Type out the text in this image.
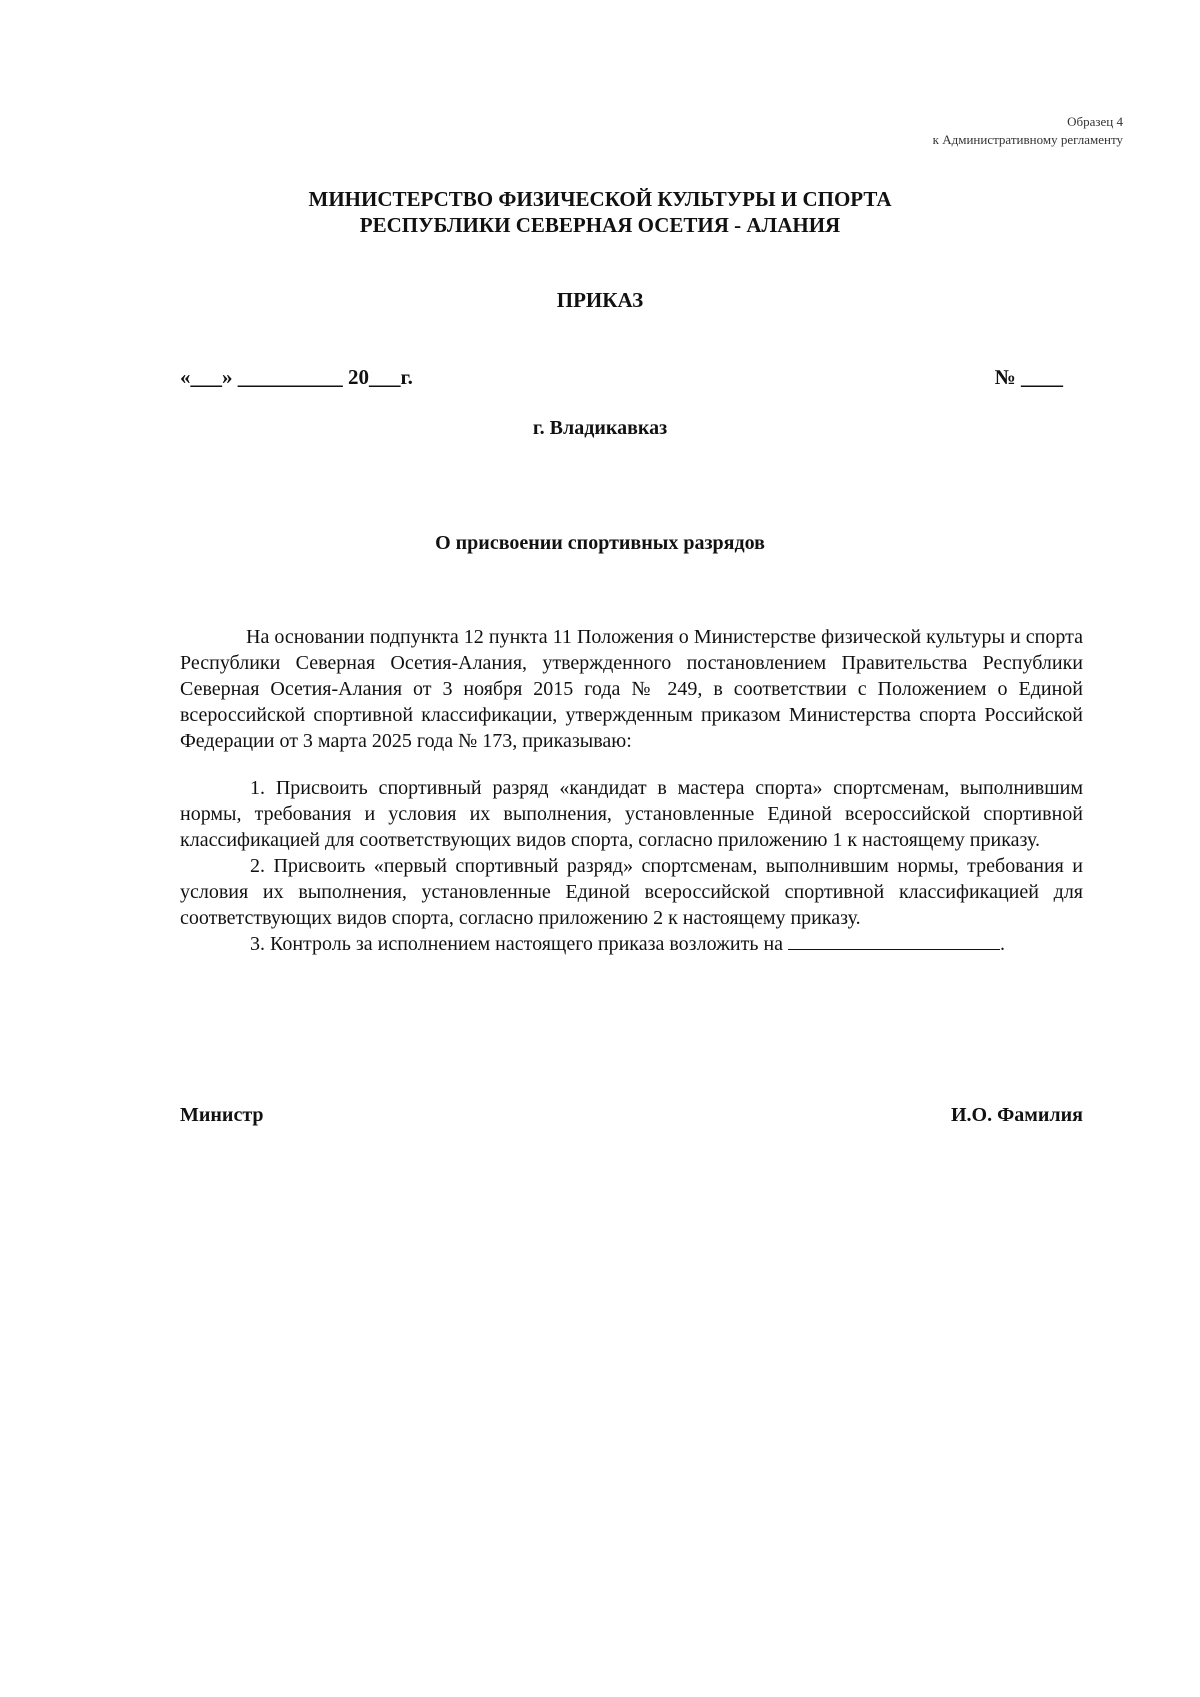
Образец 4
к Административному регламенту
МИНИСТЕРСТВО ФИЗИЧЕСКОЙ КУЛЬТУРЫ И СПОРТА
РЕСПУБЛИКИ СЕВЕРНАЯ ОСЕТИЯ - АЛАНИЯ
ПРИКАЗ
«___» __________ 20___г.	№ ____
г. Владикавказ
О присвоении спортивных разрядов

На основании подпункта 12 пункта 11 Положения о Министерстве физической культуры и спорта Республики Северная Осетия-Алания, утвержденного постановлением Правительства Республики Северная Осетия-Алания от 3 ноября 2015 года № 249, в соответствии с Положением о Единой всероссийской спортивной классификации, утвержденным приказом Министерства спорта Российской Федерации от 3 марта 2025 года № 173, приказываю:

1. Присвоить спортивный разряд «кандидат в мастера спорта» спортсменам, выполнившим нормы, требования и условия их выполнения, установленные Единой всероссийской спортивной классификацией для соответствующих видов спорта, согласно приложению 1 к настоящему приказу.

2. Присвоить «первый спортивный разряд» спортсменам, выполнившим нормы, требования и условия их выполнения, установленные Единой всероссийской спортивной классификацией для соответствующих видов спорта, согласно приложению 2 к настоящему приказу.

3. Контроль за исполнением настоящего приказа возложить на	.

Министр	И.О. Фамилия
